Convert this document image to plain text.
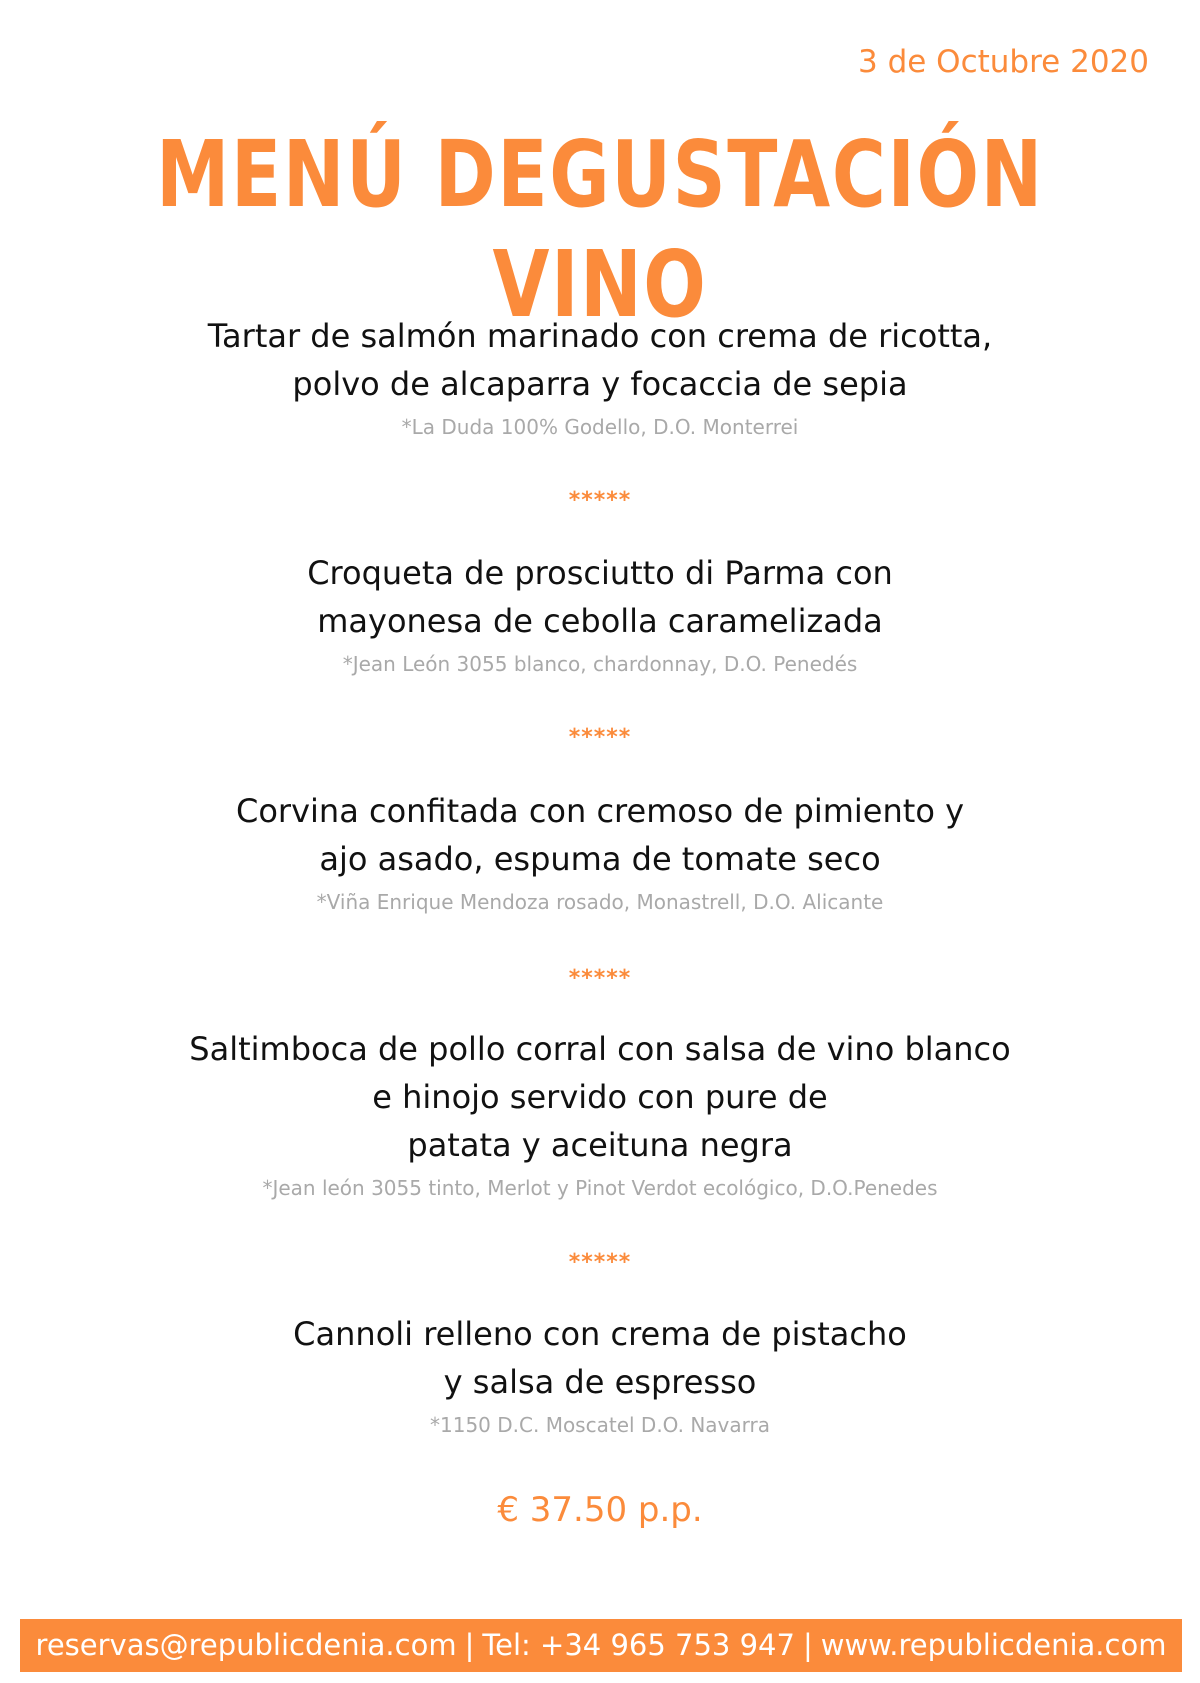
3 de Octubre 2020
MENÚ DEGUSTACIÓN VINO
Tartar de salmón marinado con crema de ricotta,
polvo de alcaparra y focaccia de sepia
*La Duda 100% Godello, D.O. Monterrei
*****
Croqueta de prosciutto di Parma con
mayonesa de cebolla caramelizada
*Jean León 3055 blanco, chardonnay, D.O. Penedés
*****
Corvina confitada con cremoso de pimiento y
ajo asado, espuma de tomate seco
*Viña Enrique Mendoza rosado, Monastrell, D.O. Alicante
*****
Saltimboca de pollo corral con salsa de vino blanco
e hinojo servido con pure de
patata y aceituna negra
*Jean león 3055 tinto, Merlot y Pinot Verdot ecológico, D.O.Penedes
*****
Cannoli relleno con crema de pistacho
y salsa de espresso
*1150 D.C. Moscatel D.O. Navarra
€ 37.50 p.p.
reservas@republicdenia.com | Tel: +34 965 753 947 | www.republicdenia.com
